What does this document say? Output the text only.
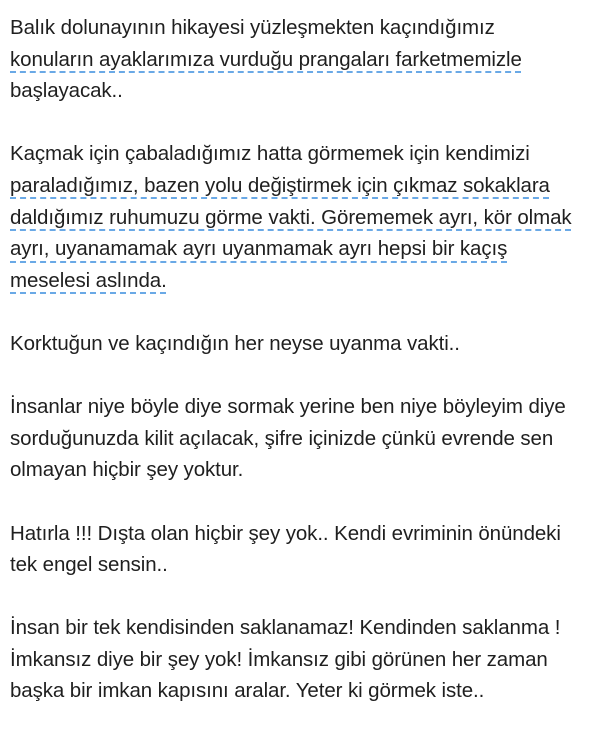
Balık dolunayının hikayesi yüzleşmekten kaçındığımız
konuların ayaklarımıza vurduğu prangaları farketmemizle
başlayacak..

Kaçmak için çabaladığımız hatta görmemek için kendimizi
paraladığımız, bazen yolu değiştirmek için çıkmaz sokaklara
daldığımız ruhumuzu görme vakti. Görememek ayrı, kör olmak
ayrı, uyanamamak ayrı uyanmamak ayrı hepsi bir kaçış
meselesi aslında.

Korktuğun ve kaçındığın her neyse uyanma vakti..

İnsanlar niye böyle diye sormak yerine ben niye böyleyim diye
sorduğunuzda kilit açılacak, şifre içinizde çünkü evrende sen
olmayan hiçbir şey yoktur.

Hatırla !!! Dışta olan hiçbir şey yok.. Kendi evriminin önündeki
tek engel sensin..

İnsan bir tek kendisinden saklanamaz! Kendinden saklanma !
İmkansız diye bir şey yok! İmkansız gibi görünen her zaman
başka bir imkan kapısını aralar. Yeter ki görmek iste..
